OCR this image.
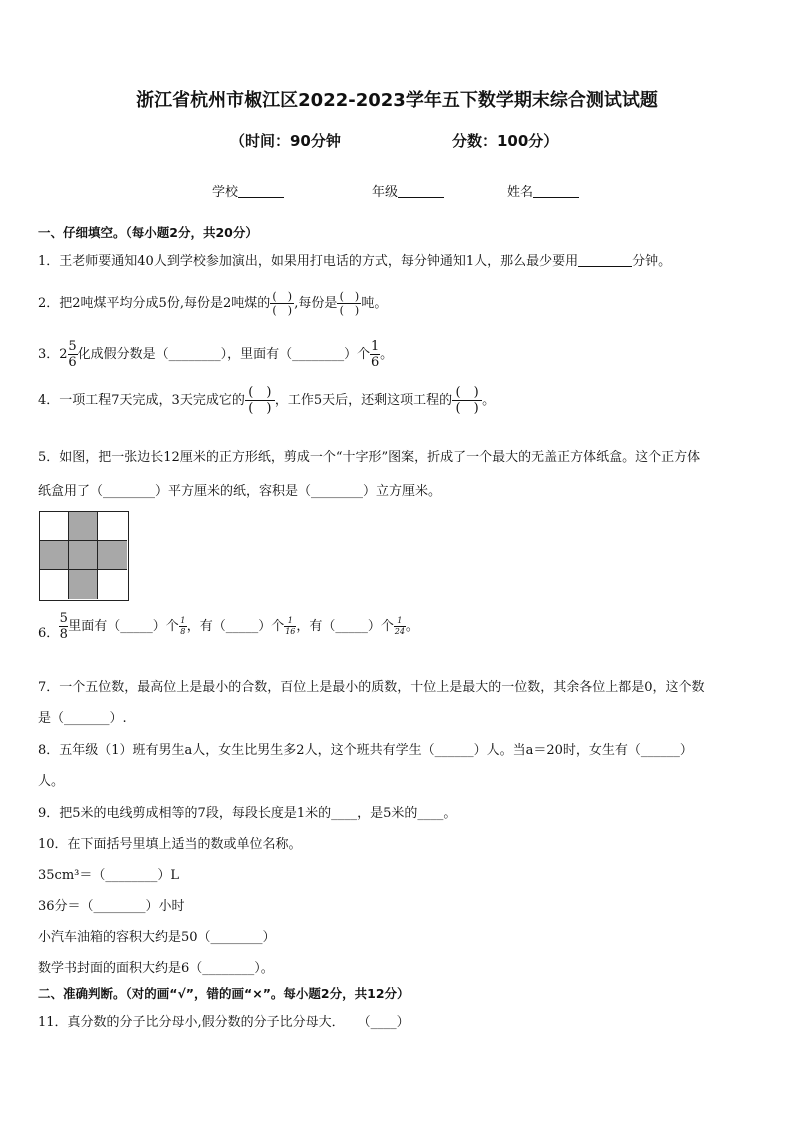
浙江省杭州市椒江区2022-2023学年五下数学期末综合测试试题
（时间：90分钟	分数：100分）
学校	年级	姓名
一、仔细填空。（每小题2分，共20分）
1．王老师要通知40人到学校参加演出，如果用打电话的方式，每分钟通知1人，那么最少要用	分钟。
2．把2吨煤平均分成5份,每份是2吨煤的 $\frac{( )}{( )}$ ,每份是 $\frac{( )}{( )}$ 吨。
3．$2 \frac{5}{6}$ 化成假分数是（________），里面有（________）个 $\frac{1}{6}$ 。
4．一项工程7天完成，3天完成它的 $\frac{( )}{( )}$ ，工作5天后，还剩这项工程的 $\frac{( )}{( )}$ 。
5．如图，把一张边长12厘米的正方形纸，剪成一个“十字形”图案，折成了一个最大的无盖正方体纸盒。这个正方体
纸盒用了（________）平方厘米的纸，容积是（________）立方厘米。
6． $\frac{5}{8}$ 里面有（_____）个 $\frac{1}{8}$ ，有（_____）个 $\frac{1}{16}$ ，有（_____）个 $\frac{1}{24}$ 。
7．一个五位数，最高位上是最小的合数，百位上是最小的质数，十位上是最大的一位数，其余各位上都是0，这个数
是（_______）.
8．五年级（1）班有男生a人，女生比男生多2人，这个班共有学生（______）人。当a＝20时，女生有（______）
人。
9．把5米的电线剪成相等的7段，每段长度是1米的____，是5米的____。
10．在下面括号里填上适当的数或单位名称。
35cm³＝（________）L
36分＝（________）小时
小汽车油箱的容积大约是50（________）
数学书封面的面积大约是6（________）。
二、准确判断。（对的画“√”，错的画“×”。每小题2分，共12分）
11．真分数的分子比分母小,假分数的分子比分母大．　　（____）
